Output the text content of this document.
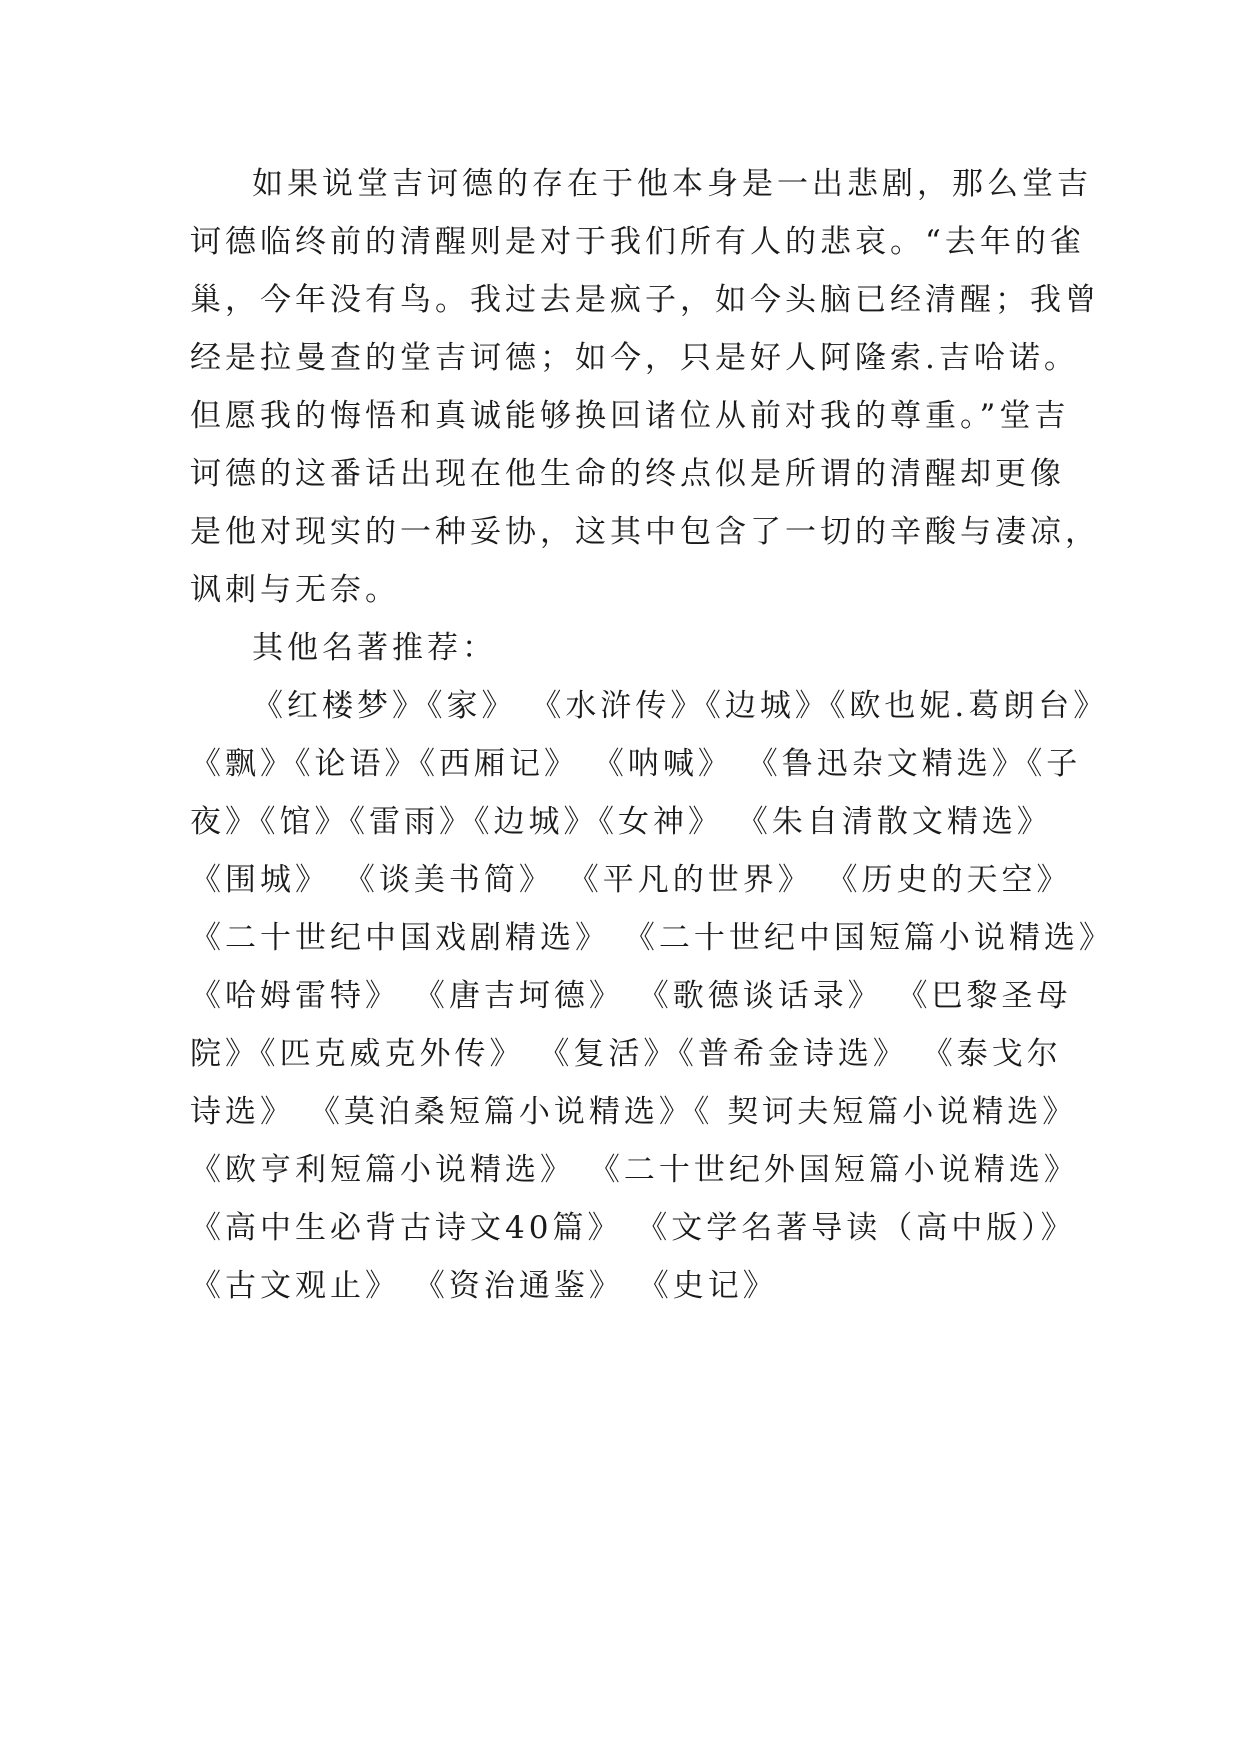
如果说堂吉诃德的存在于他本身是一出悲剧，那么堂吉
诃德临终前的清醒则是对于我们所有人的悲哀。“去年的雀
巢，今年没有鸟。我过去是疯子，如今头脑已经清醒；我曾
经是拉曼查的堂吉诃德；如今，只是好人阿隆索.吉哈诺。
但愿我的悔悟和真诚能够换回诸位从前对我的尊重。”堂吉
诃德的这番话出现在他生命的终点似是所谓的清醒却更像
是他对现实的一种妥协，这其中包含了一切的辛酸与凄凉，
讽刺与无奈。
其他名著推荐：
《红楼梦》《家》 《水浒传》《边城》《欧也妮.葛朗台》
《飘》《论语》《西厢记》 《呐喊》 《鲁迅杂文精选》《子
夜》《馆》《雷雨》《边城》《女神》 《朱自清散文精选》
《围城》 《谈美书简》 《平凡的世界》 《历史的天空》
《二十世纪中国戏剧精选》 《二十世纪中国短篇小说精选》
《哈姆雷特》 《唐吉坷德》 《歌德谈话录》 《巴黎圣母
院》《匹克威克外传》 《复活》《普希金诗选》 《泰戈尔
诗选》 《莫泊桑短篇小说精选》《 契诃夫短篇小说精选》
《欧亨利短篇小说精选》 《二十世纪外国短篇小说精选》
《高中生必背古诗文40篇》 《文学名著导读（高中版）》
《古文观止》 《资治通鉴》 《史记》
